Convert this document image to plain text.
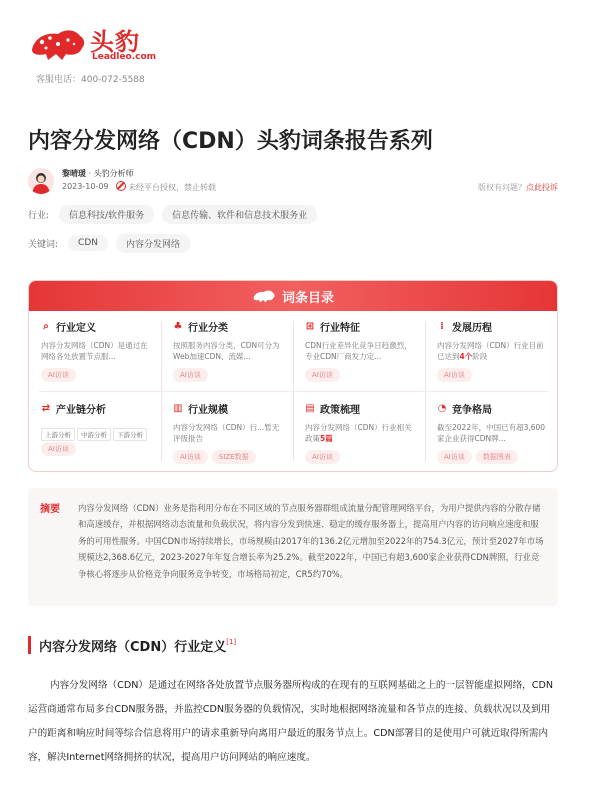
头豹
Leadleo.com
客服电话：400-072-5588
内容分发网络（CDN）头豹词条报告系列
黎晴瑗 · 头豹分析师
2023-10-09 未经平台授权，禁止转载	版权有问题？点此投诉
行业:	信息科技/软件服务	信息传输、软件和信息技术服务业
关键词:	CDN	内容分发网络
词条目录
⌕ 行业定义
内容分发网络（CDN）是通过在网络各处放置节点服...
AI访谈
♣ 行业分类
按照服务内容分类，CDN可分为Web加速CDN、流媒...
AI访谈
⊞ 行业特征
CDN行业差异化竞争日趋激烈，专业CDN厂商发力定...
AI访谈
⁞ 发展历程
内容分发网络（CDN）行业目前已达到4个阶段
AI访谈
⇄ 产业链分析
上游分析 中游分析 下游分析
AI访谈
▥ 行业规模
内容分发网络（CDN）行...暂无评级报告
AI访谈	SIZE数据
▤ 政策梳理
内容分发网络（CDN）行业相关政策5篇
AI访谈
◔ 竞争格局
截至2022年，中国已有超3,600家企业获得CDN牌...
AI访谈	数据图表
摘要 内容分发网络（CDN）业务是指利用分布在不同区域的节点服务器群组成流量分配管理网络平台，为用户提供内容的分散存储和高速缓存，并根据网络动态流量和负载状况，将内容分发到快速、稳定的缓存服务器上，提高用户内容的访问响应速度和服务的可用性服务。中国CDN市场持续增长，市场规模由2017年的136.2亿元增加至2022年的754.3亿元，预计至2027年市场规模达2,368.6亿元，2023-2027年年复合增长率为25.2%。截至2022年，中国已有超3,600家企业获得CDN牌照，行业竞争核心将逐步从价格竞争向服务竞争转变，市场格局初定，CR5约70%。
内容分发网络（CDN）行业定义 [1]
内容分发网络（CDN）是通过在网络各处放置节点服务器所构成的在现有的互联网基础之上的一层智能虚拟网络，CDN运营商通常布局多台CDN服务器，并监控CDN服务器的负载情况，实时地根据网络流量和各节点的连接、负载状况以及到用户的距离和响应时间等综合信息将用户的请求重新导向离用户最近的服务节点上。CDN部署目的是使用户可就近取得所需内容，解决Internet网络拥挤的状况，提高用户访问网站的响应速度。
